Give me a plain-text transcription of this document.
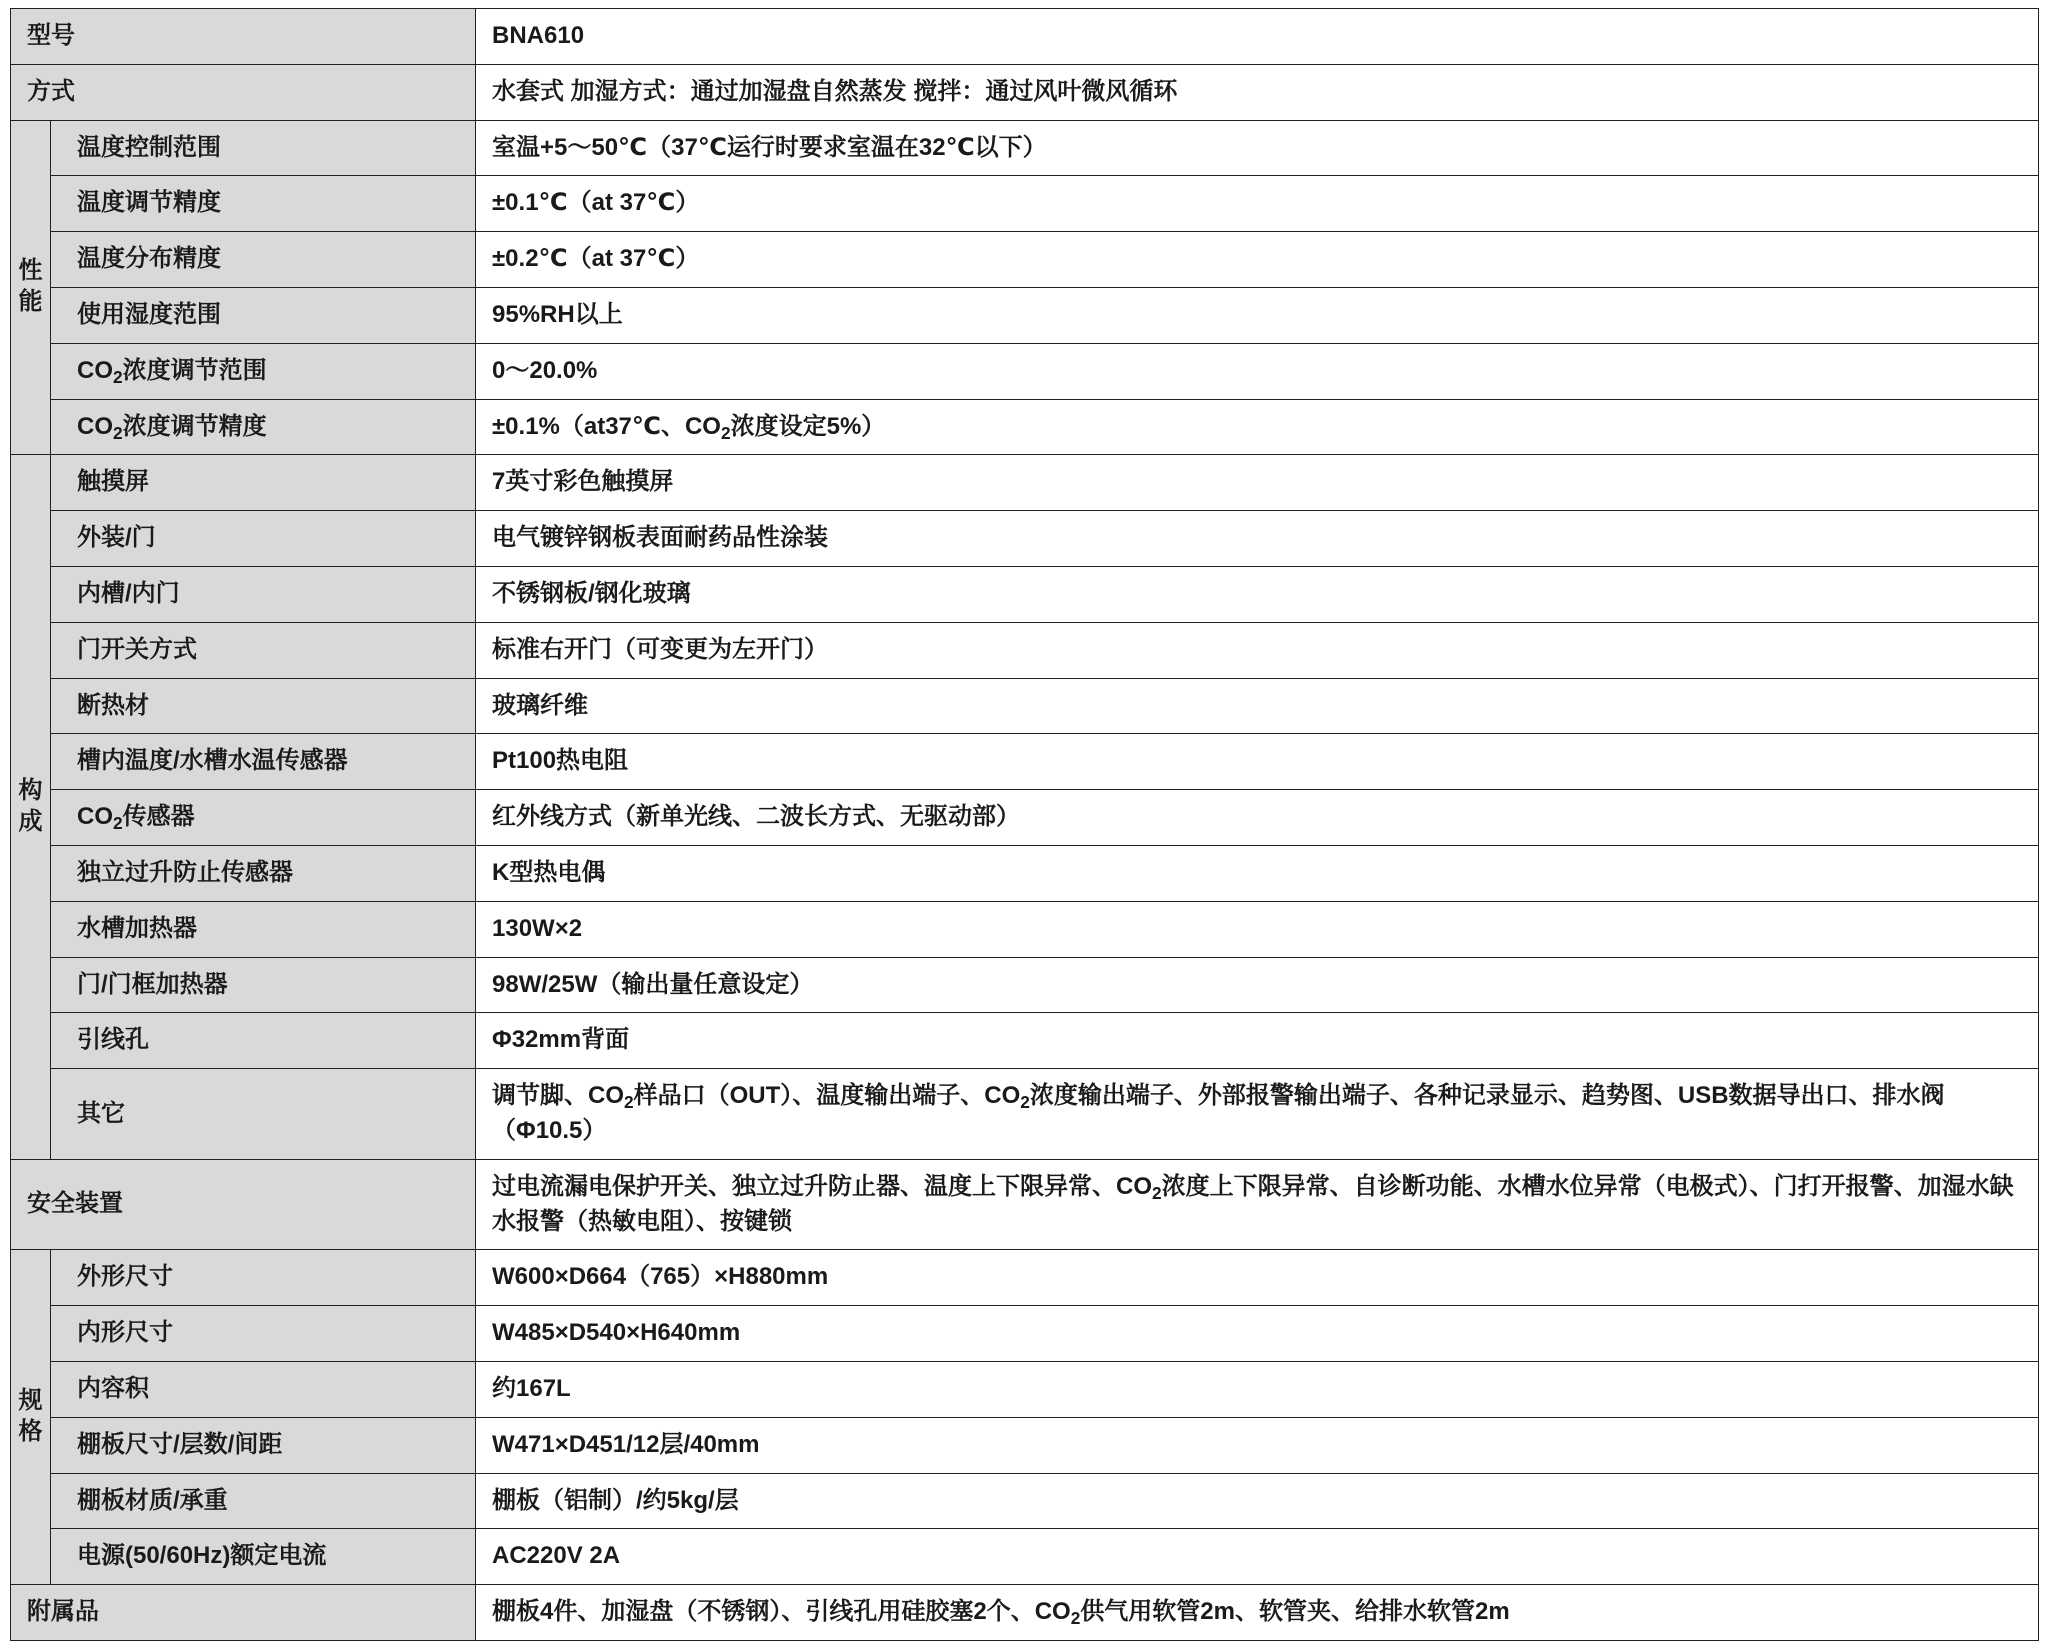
型号		BNA610
方式		水套式 加湿方式：通过加湿盘自然蒸发 搅拌：通过风叶微风循环
性能	温度控制范围	室温+5～50℃（37℃运行时要求室温在32℃以下）
	温度调节精度	±0.1℃（at 37℃）
	温度分布精度	±0.2℃（at 37℃）
	使用湿度范围	95%RH以上
	$CO_2$浓度调节范围	0～20.0%
	$CO_2$浓度调节精度	±0.1%（at37℃、$CO_2$浓度设定5%）
构成	触摸屏	7英寸彩色触摸屏
	外装/门	电气镀锌钢板表面耐药品性涂装
	内槽/内门	不锈钢板/钢化玻璃
	门开关方式	标准右开门（可变更为左开门）
	断热材	玻璃纤维
	槽内温度/水槽水温传感器	Pt100热电阻
	$CO_2$传感器	红外线方式（新单光线、二波长方式、无驱动部）
	独立过升防止传感器	K型热电偶
	水槽加热器	130W×2
	门/门框加热器	98W/25W（输出量任意设定）
	引线孔	Φ32mm背面
	其它	调节脚、$CO_2$样品口（OUT）、温度输出端子、$CO_2$浓度输出端子、外部报警输出端子、各种记录显示、趋势图、USB数据导出口、排水阀（Φ10.5）
安全装置		过电流漏电保护开关、独立过升防止器、温度上下限异常、$CO_2$浓度上下限异常、自诊断功能、水槽水位异常（电极式）、门打开报警、加湿水缺水报警（热敏电阻）、按键锁
规格	外形尺寸	W600×D664（765）×H880mm
	内形尺寸	W485×D540×H640mm
	内容积	约167L
	棚板尺寸/层数/间距	W471×D451/12层/40mm
	棚板材质/承重	棚板（铝制）/约5kg/层
	电源(50/60Hz)额定电流	AC220V 2A
附属品		棚板4件、加湿盘（不锈钢）、引线孔用硅胶塞2个、$CO_2$供气用软管2m、软管夹、给排水软管2m
